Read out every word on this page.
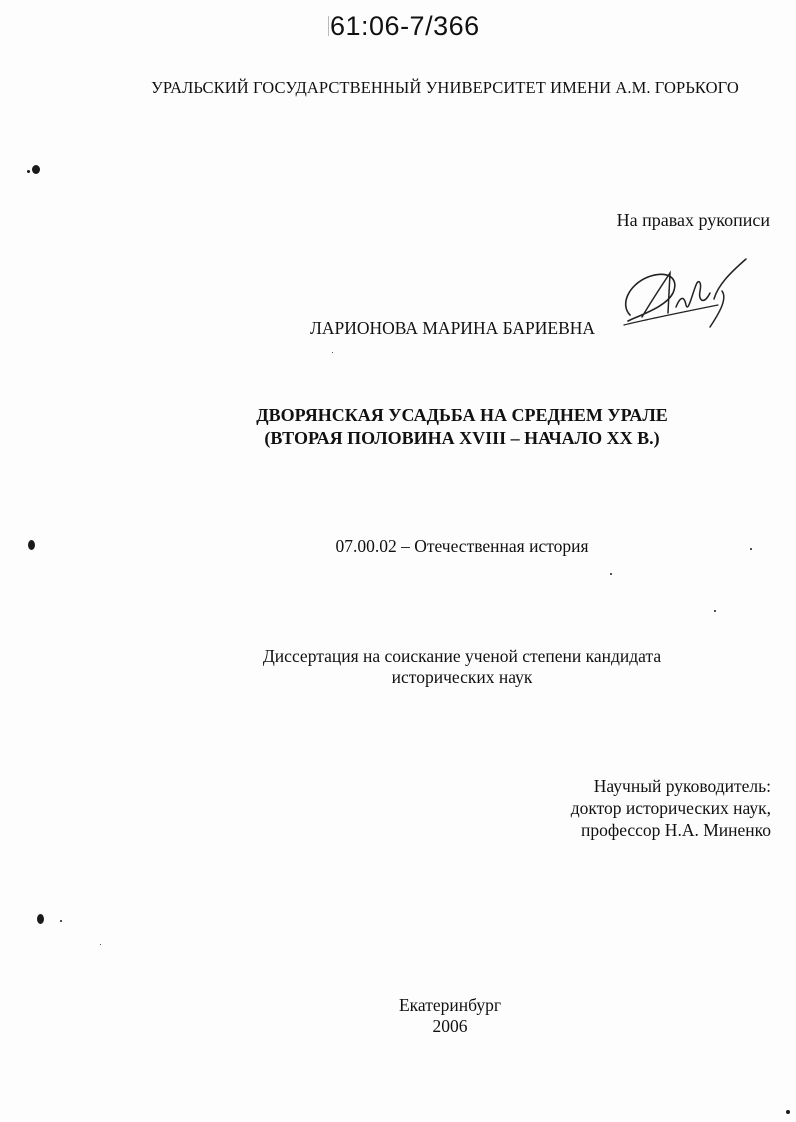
61:06-7/366
УРАЛЬСКИЙ ГОСУДАРСТВЕННЫЙ УНИВЕРСИТЕТ ИМЕНИ А.М. ГОРЬКОГО
На правах рукописи
ЛАРИОНОВА МАРИНА БАРИЕВНА
ДВОРЯНСКАЯ УСАДЬБА НА СРЕДНЕМ УРАЛЕ
(ВТОРАЯ ПОЛОВИНА XVIII – НАЧАЛО XX В.)
07.00.02 – Отечественная история
Диссертация на соискание ученой степени кандидата
исторических наук
Научный руководитель:
доктор исторических наук,
профессор Н.А. Миненко
Екатеринбург
2006
